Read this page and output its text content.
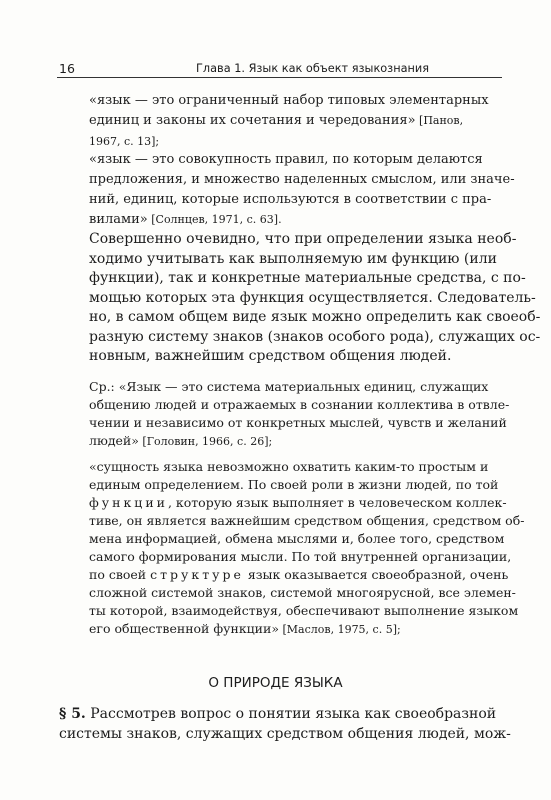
16	Глава 1. Язык как объект языкознания
«язык — это ограниченный набор типовых элементарных
единиц и законы их сочетания и чередования» [Панов,
1967, с. 13];
«язык — это совокупность правил, по которым делаются
предложения, и множество наделенных смыслом, или значе-
ний, единиц, которые используются в соответствии с пра-
вилами» [Солнцев, 1971, с. 63].
Совершенно очевидно, что при определении языка необ-
ходимо учитывать как выполняемую им функцию (или
функции), так и конкретные материальные средства, с по-
мощью которых эта функция осуществляется. Следователь-
но, в самом общем виде язык можно определить как своеоб-
разную систему знаков (знаков особого рода), служащих ос-
новным, важнейшим средством общения людей.
Ср.: «Язык — это система материальных единиц, служащих
общению людей и отражаемых в сознании коллектива в отвле-
чении и независимо от конкретных мыслей, чувств и желаний
людей» [Головин, 1966, с. 26];
«сущность языка невозможно охватить каким-то простым и
единым определением. По своей роли в жизни людей, по той
функции, которую язык выполняет в человеческом коллек-
тиве, он является важнейшим средством общения, средством об-
мена информацией, обмена мыслями и, более того, средством
самого формирования мысли. По той внутренней организации,
по своей структуре язык оказывается своеобразной, очень
сложной системой знаков, системой многоярусной, все элемен-
ты которой, взаимодействуя, обеспечивают выполнение языком
его общественной функции» [Маслов, 1975, с. 5];
О ПРИРОДЕ ЯЗЫКА
§ 5. Рассмотрев вопрос о понятии языка как своеобразной
системы знаков, служащих средством общения людей, мож-
